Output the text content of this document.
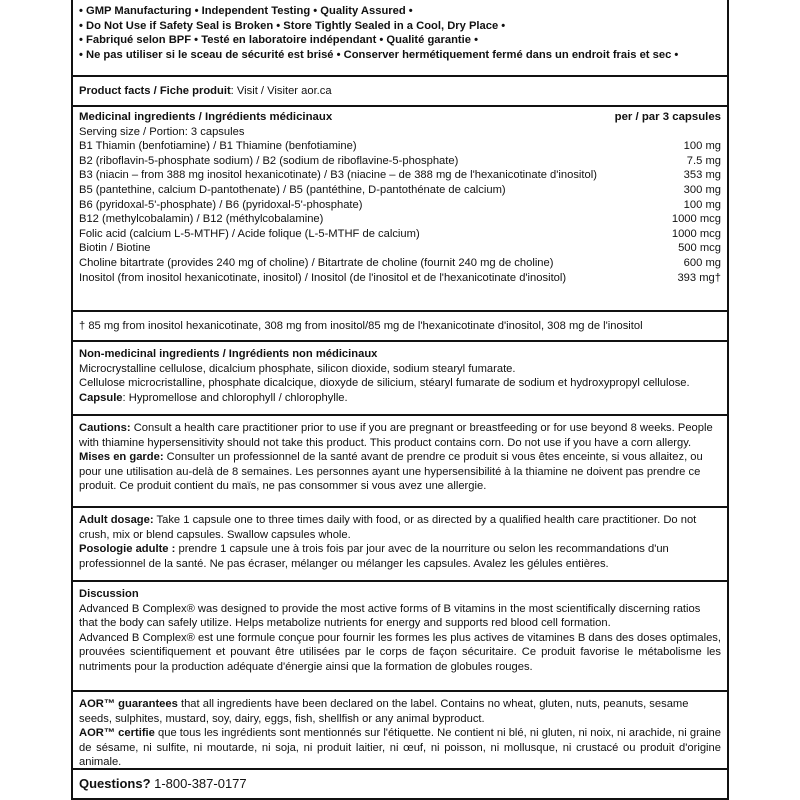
• GMP Manufacturing • Independent Testing • Quality Assured •
• Do Not Use if Safety Seal is Broken • Store Tightly Sealed in a Cool, Dry Place •
• Fabriqué selon BPF • Testé en laboratoire indépendant • Qualité garantie •
• Ne pas utiliser si le sceau de sécurité est brisé • Conserver hermétiquement fermé dans un endroit frais et sec •
Product facts / Fiche produit: Visit / Visiter aor.ca
Medicinal ingredients / Ingrédients médicinaux	per / par 3 capsules
Serving size / Portion: 3 capsules
B1 Thiamin (benfotiamine) / B1 Thiamine (benfotiamine)	100 mg
B2 (riboflavin-5-phosphate sodium) / B2 (sodium de riboflavine-5-phosphate)	7.5 mg
B3 (niacin – from 388 mg inositol hexanicotinate) / B3 (niacine – de 388 mg de l'hexanicotinate d'inositol)	353 mg
B5 (pantethine, calcium D-pantothenate) / B5 (pantéthine, D-pantothénate de calcium)	300 mg
B6 (pyridoxal-5'-phosphate) / B6 (pyridoxal-5'-phosphate)	100 mg
B12 (methylcobalamin) / B12 (méthylcobalamine)	1000 mcg
Folic acid (calcium L-5-MTHF) / Acide folique (L-5-MTHF de calcium)	1000 mcg
Biotin / Biotine	500 mcg
Choline bitartrate (provides 240 mg of choline) / Bitartrate de choline (fournit 240 mg de choline)	600 mg
Inositol (from inositol hexanicotinate, inositol) / Inositol (de l'inositol et de l'hexanicotinate d'inositol)	393 mg†
† 85 mg from inositol hexanicotinate, 308 mg from inositol/85 mg de l'hexanicotinate d'inositol, 308 mg de l'inositol
Non-medicinal ingredients / Ingrédients non médicinaux
Microcrystalline cellulose, dicalcium phosphate, silicon dioxide, sodium stearyl fumarate.
Cellulose microcristalline, phosphate dicalcique, dioxyde de silicium, stéaryl fumarate de sodium et hydroxypropyl cellulose.
Capsule: Hypromellose and chlorophyll / chlorophylle.
Cautions: Consult a health care practitioner prior to use if you are pregnant or breastfeeding or for use beyond 8 weeks. People with thiamine hypersensitivity should not take this product. This product contains corn. Do not use if you have a corn allergy.
Mises en garde: Consulter un professionnel de la santé avant de prendre ce produit si vous êtes enceinte, si vous allaitez, ou pour une utilisation au-delà de 8 semaines. Les personnes ayant une hypersensibilité à la thiamine ne doivent pas prendre ce produit. Ce produit contient du maïs, ne pas consommer si vous avez une allergie.
Adult dosage: Take 1 capsule one to three times daily with food, or as directed by a qualified health care practitioner. Do not crush, mix or blend capsules. Swallow capsules whole.
Posologie adulte : prendre 1 capsule une à trois fois par jour avec de la nourriture ou selon les recommandations d'un professionnel de la santé. Ne pas écraser, mélanger ou mélanger les capsules. Avalez les gélules entières.
Discussion
Advanced B Complex® was designed to provide the most active forms of B vitamins in the most scientifically discerning ratios that the body can safely utilize. Helps metabolize nutrients for energy and supports red blood cell formation.
Advanced B Complex® est une formule conçue pour fournir les formes les plus actives de vitamines B dans des doses optimales, prouvées scientifiquement et pouvant être utilisées par le corps de façon sécuritaire. Ce produit favorise le métabolisme les nutriments pour la production adéquate d'énergie ainsi que la formation de globules rouges.
AOR™ guarantees that all ingredients have been declared on the label. Contains no wheat, gluten, nuts, peanuts, sesame seeds, sulphites, mustard, soy, dairy, eggs, fish, shellfish or any animal byproduct.
AOR™ certifie que tous les ingrédients sont mentionnés sur l'étiquette. Ne contient ni blé, ni gluten, ni noix, ni arachide, ni graine de sésame, ni sulfite, ni moutarde, ni soja, ni produit laitier, ni œuf, ni poisson, ni mollusque, ni crustacé ou produit d'origine animale.
Questions? 1-800-387-0177
